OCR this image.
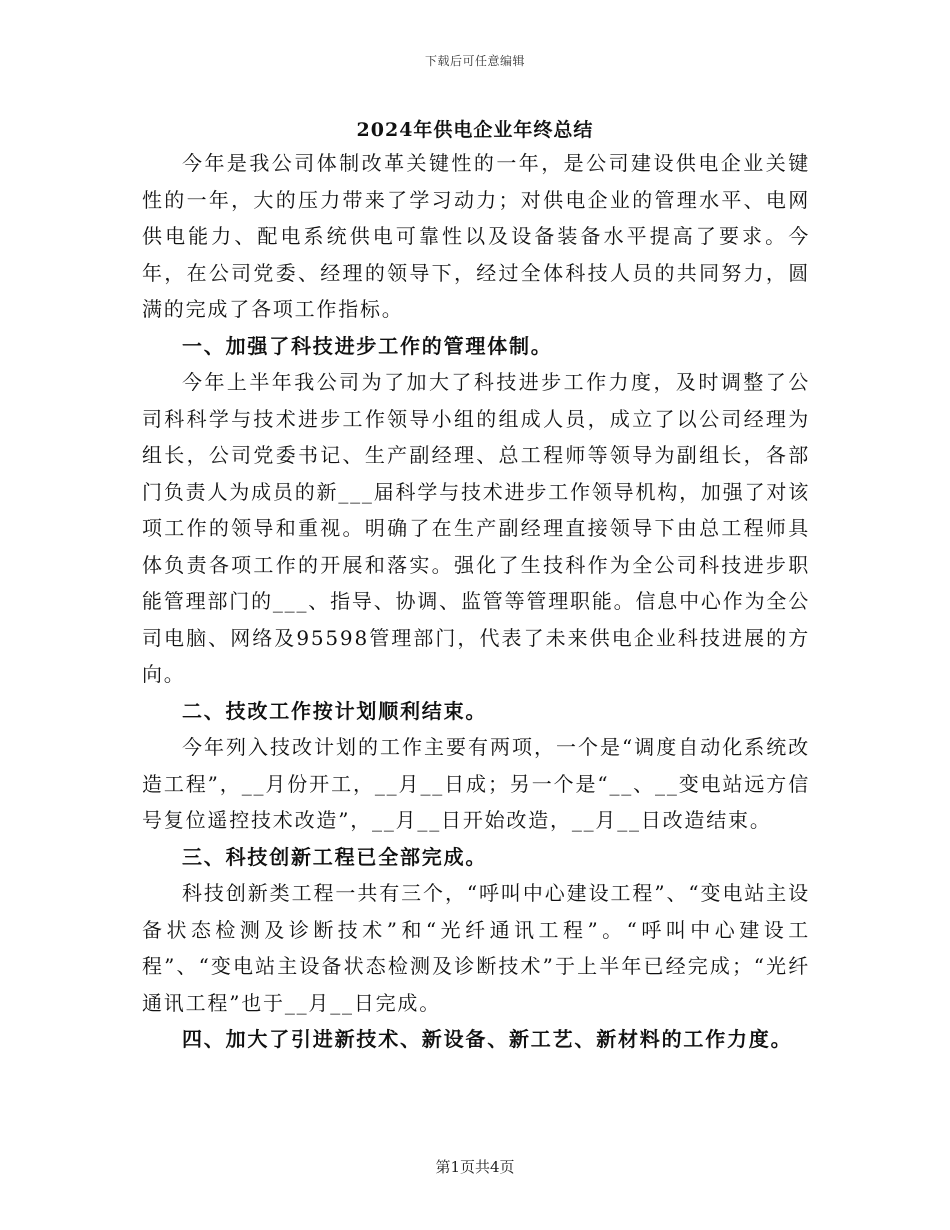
下载后可任意编辑
2024年供电企业年终总结

今年是我公司体制改革关键性的一年，是公司建设供电企业关键性的一年，大的压力带来了学习动力；对供电企业的管理水平、电网供电能力、配电系统供电可靠性以及设备装备水平提高了要求。今年，在公司党委、经理的领导下，经过全体科技人员的共同努力，圆满的完成了各项工作指标。

一、加强了科技进步工作的管理体制。

今年上半年我公司为了加大了科技进步工作力度，及时调整了公司科科学与技术进步工作领导小组的组成人员，成立了以公司经理为组长，公司党委书记、生产副经理、总工程师等领导为副组长，各部门负责人为成员的新___届科学与技术进步工作领导机构，加强了对该项工作的领导和重视。明确了在生产副经理直接领导下由总工程师具体负责各项工作的开展和落实。强化了生技科作为全公司科技进步职能管理部门的___、指导、协调、监管等管理职能。信息中心作为全公司电脑、网络及95598管理部门，代表了未来供电企业科技进展的方向。

二、技改工作按计划顺利结束。

今年列入技改计划的工作主要有两项，一个是“调度自动化系统改造工程”，__月份开工，__月__日成；另一个是“__、__变电站远方信号复位遥控技术改造”，__月__日开始改造，__月__日改造结束。

三、科技创新工程已全部完成。

科技创新类工程一共有三个，“呼叫中心建设工程”、“变电站主设备状态检测及诊断技术”和“光纤通讯工程”。“呼叫中心建设工程”、“变电站主设备状态检测及诊断技术”于上半年已经完成；“光纤通讯工程”也于__月__日完成。

四、加大了引进新技术、新设备、新工艺、新材料的工作力度。

第1页共4页
